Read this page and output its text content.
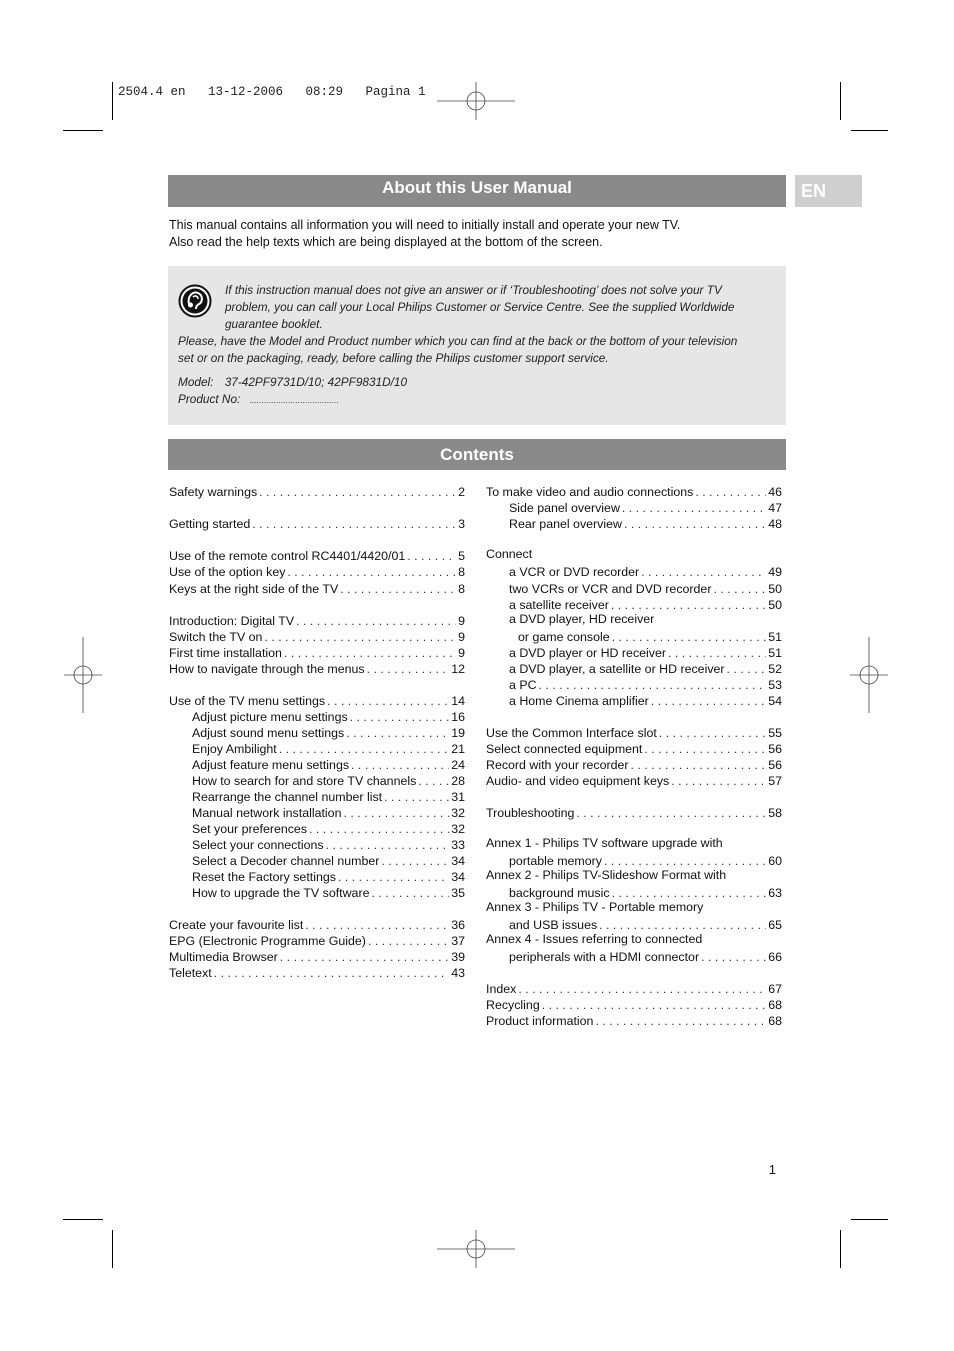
2504.4 en   13-12-2006   08:29   Pagina 1
About this User Manual	EN
This manual contains all information you will need to initially install and operate your new TV.
Also read the help texts which are being displayed at the bottom of the screen.
If this instruction manual does not give an answer or if ‘Troubleshooting’ does not solve your TV
problem, you can call your Local Philips Customer or Service Centre. See the supplied Worldwide
guarantee booklet.
Please, have the Model and Product number which you can find at the back or the bottom of your television
set or on the packaging, ready, before calling the Philips customer support service.
Model: 37-42PF9731D/10; 42PF9831D/10
Product No: .....................................
Contents
Safety warnings . . .	2
Getting started . . .	3
Use of the remote control RC4401/4420/01 . . .	5
Use of the option key . . .	8
Keys at the right side of the TV . . .	8
Introduction: Digital TV . . .	9
Switch the TV on . . .	9
First time installation . . .	9
How to navigate through the menus . . .	12
Use of the TV menu settings . . .	14
Adjust picture menu settings . . .	16
Adjust sound menu settings . . .	19
Enjoy Ambilight . . .	21
Adjust feature menu settings . . .	24
How to search for and store TV channels . . .	28
Rearrange the channel number list . . .	31
Manual network installation . . .	32
Set your preferences . . .	32
Select your connections . . .	33
Select a Decoder channel number . . .	34
Reset the Factory settings . . .	34
How to upgrade the TV software . . .	35
Create your favourite list . . .	36
EPG (Electronic Programme Guide) . . .	37
Multimedia Browser . . .	39
Teletext . . .	43
To make video and audio connections . . .	46
Side panel overview . . .	47
Rear panel overview . . .	48
Connect
a VCR or DVD recorder . . .	49
two VCRs or VCR and DVD recorder . . .	50
a satellite receiver . . .	50
a DVD player, HD receiver
or game console . . .	51
a DVD player or HD receiver . . .	51
a DVD player, a satellite or HD receiver . . .	52
a PC . . .	53
a Home Cinema amplifier . . .	54
Use the Common Interface slot . . .	55
Select connected equipment . . .	56
Record with your recorder . . .	56
Audio- and video equipment keys . . .	57
Troubleshooting . . .	58
Annex 1 - Philips TV software upgrade with
portable memory . . .	60
Annex 2 - Philips TV-Slideshow Format with
background music . . .	63
Annex 3 - Philips TV - Portable memory
and USB issues . . .	65
Annex 4 - Issues referring to connected
peripherals with a HDMI connector . . .	66
Index . . .	67
Recycling . . .	68
Product information . . .	68
1
